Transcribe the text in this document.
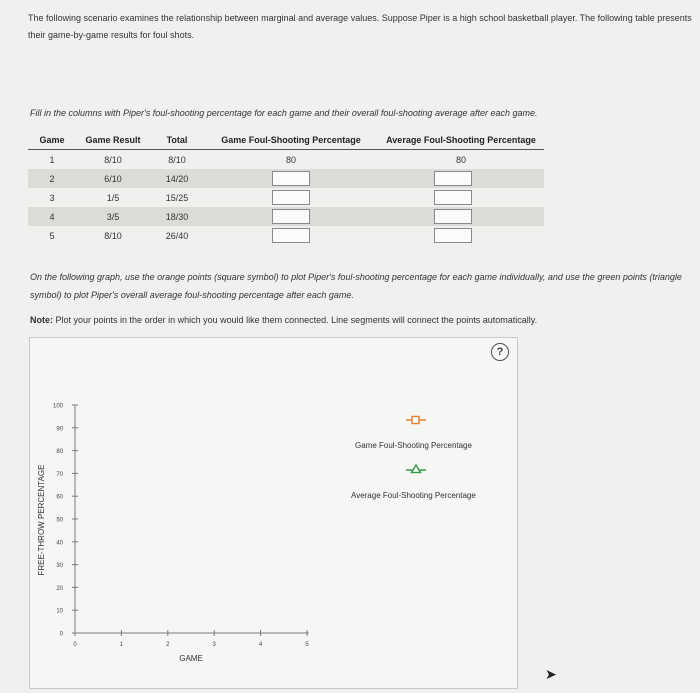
The following scenario examines the relationship between marginal and average values. Suppose Piper is a high school basketball player. The following table presents their game-by-game results for foul shots.
Fill in the columns with Piper's foul-shooting percentage for each game and their overall foul-shooting average after each game.
Game	Game Result	Total	Game Foul-Shooting Percentage	Average Foul-Shooting Percentage
1	8/10	8/10	80	80
2	6/10	14/20		
3	1/5	15/25		
4	3/5	18/30		
5	8/10	26/40		
On the following graph, use the orange points (square symbol) to plot Piper's foul-shooting percentage for each game individually, and use the green points (triangle symbol) to plot Piper's overall average foul-shooting percentage after each game.
Note: Plot your points in the order in which you would like them connected. Line segments will connect the points automatically.
?
0
10
20
30
40
50
60
70
80
90
100
0	1	2	3	4	5
GAME
FREE-THROW PERCENTAGE
Game Foul-Shooting Percentage
Average Foul-Shooting Percentage
➤
